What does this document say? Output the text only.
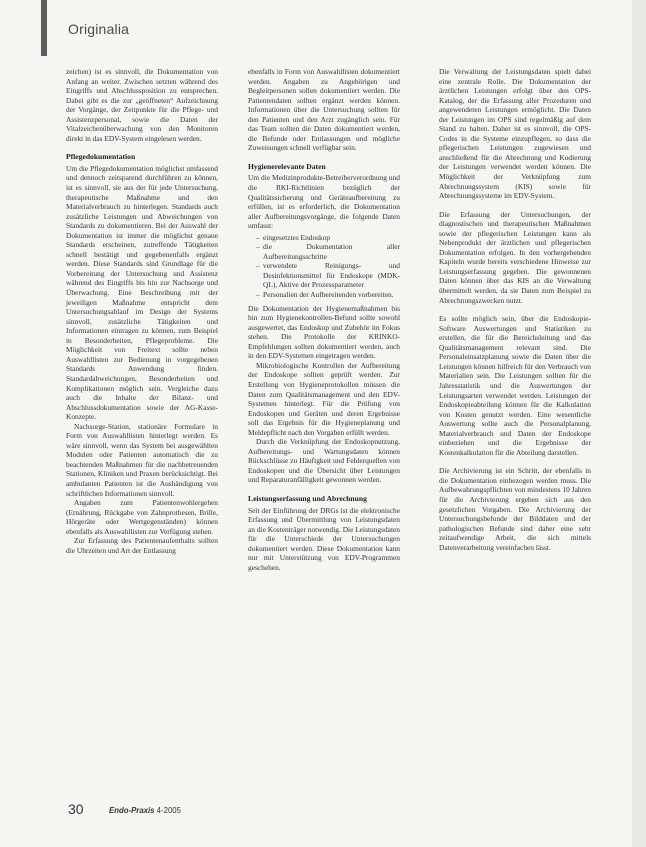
Originalia

zeichen) ist es sinnvoll, die Dokumentation von Anfang an weiter. Zwischen setzten während des Eingriffs und Abschlussposition zu entsprechen. Dabei gibt es die zur „geöffneten“ Aufzeichnung der Vorgänge, der Zeitpunkte für die Pflege- und Assistenzpersonal, sowie die Daten der Vitalzeichenüberwachung von den Monitoren direkt in das EDV-System eingelesen werden.

Pflegedokumentation

Um die Pflegedokumentation möglichst umfassend und dennoch zeitsparend durchführen zu können, ist es sinnvoll, sie aus der für jede Untersuchung, therapeutische Maßnahme und den Materialverbrauch zu hinterlegen. Standards auch zusätzliche Leistungen und Abweichungen von Standards zu dokumentieren. Bei der Auswahl der Dokumentation ist immer die möglichst genaue Standards erscheinen, zutreffende Tätigkeiten schnell bestätigt und gegebenenfalls ergänzt werden. Diese Standards sind Grundlage für die Vorbereitung der Untersuchung und Assistenz während des Eingriffs bis hin zur Nachsorge und Überwachung. Eine Beschreibung mit der jeweiligen Maßnahme entspricht dem Untersuchungsablauf im Design der Systems sinnvoll, zusätzliche Tätigkeiten und Informationen eintragen zu können, zum Beispiel in Besonderheiten, Pflegeprobleme. Die Möglichkeit von Freitext sollte neben Auswahllisten zur Bedienung in vorgegebenen Standards Anwendung finden. Standardabweichungen, Besonderheiten und Komplikationen möglich sein. Vergleiche dazu auch die Inhalte der Bilanz- und Abschlussdokumentation sowie der AG-Kasse-Konzepte.

Nachsorge-Station, stationäre Formulare in Form von Auswahllisten hinterlegt werden. Es wäre sinnvoll, wenn das System bei ausgewählten Modulen oder Patienten automatisch die zu beachtenden Maßnahmen für die nachbetreuenden Stationen, Kliniken und Praxen berücksichtigt. Bei ambulanten Patienten ist die Aushändigung von schriftlichen Informationen sinnvoll.

Angaben zum Patientenwohlergehen (Ernährung, Rückgabe von Zahnprothesen, Brille, Hörgeräte oder Wertgegenständen) können ebenfalls als Auswahllisten zur Verfügung stehen.

Zur Erfassung des Patientenaufenthalts sollten die Uhrzeiten und Art der Entlassung

ebenfalls in Form von Auswahllisten dokumentiert werden. Angaben zu Angehörigen und Begleitpersonen sollen dokumentiert werden. Die Patientendaten sollten ergänzt werden können. Informationen über die Untersuchung sollten für den Patienten und den Arzt zugänglich sein. Für das Team sollten die Daten dokumentiert werden, die Befunde oder Entlassungen und mögliche Zuweisungen schnell verfügbar sein.

Hygienerelevante Daten

Um die Medizinprodukte-Betreiberverordnung und die RKI-Richtlinien bezüglich der Qualitätssicherung und Geräteaufbereitung zu erfüllen, ist es erforderlich, die Dokumentation aller Aufbereitungsvorgänge, die folgende Daten umfasst:

– eingesetztes Endoskop
– die Dokumentation aller Aufbereitungsschritte
– verwendete Reinigungs- und Desinfektionsmittel für Endoskope (MDK-QL), Aktive der Prozessparameter
– Personalien der Aufbereitenden vorbereiten.

Die Dokumentation der Hygienemaßnahmen bis hin zum Hygienekontrollen-Befund sollte sowohl ausgewertet, das Endoskop und Zubehör im Fokus stehen. Die Protokolle der KRINKO-Empfehlungen sollten dokumentiert werden, auch in den EDV-Systemen eingetragen werden.

Mikrobiologische Kontrollen der Aufbereitung der Endoskope sollten geprüft werden. Zur Erstellung von Hygieneprotokollen müssen die Daten zum Qualitätsmanagement und den EDV-Systemen hinterlegt. Für die Prüfung von Endoskopen und Geräten und deren Ergebnisse soll das Ergebnis für die Hygieneplanung und Meldepflicht nach den Vorgaben erfüllt werden.

Durch die Verknüpfung der Endoskopnutzung, Aufbereitungs- und Wartungsdaten können Rückschlüsse zu Häufigkeit und Fehlerquellen von Endoskopen und die Übersicht über Leistungen und Reparaturanfälligkeit gewonnen werden.

Leistungserfassung und Abrechnung

Seit der Einführung der DRGs ist die elektronische Erfassung und Übermittlung von Leistungsdaten an die Kostenträger notwendig. Die Leistungsdaten für die Unterschiede der Untersuchungen dokumentiert werden. Diese Dokumentation kann nur mit Unterstützung von EDV-Programmen geschehen.

Die Verwaltung der Leistungsdaten spielt dabei eine zentrale Rolle. Die Dokumentation der ärztlichen Leistungen erfolgt über den OPS-Katalog, der die Erfassung aller Prozeduren und angewendeten Leistungen ermöglicht. Die Daten der Leistungen im OPS sind regelmäßig auf dem Stand zu halten. Daher ist es sinnvoll, die OPS-Codes in die Systeme einzupflegen, so dass die pflegerischen Leistungen zugewiesen und anschließend für die Abrechnung und Kodierung der Leistungen verwendet werden können. Die Möglichkeit der Verknüpfung zum Abrechnungssystem (KIS) sowie für Abrechnungssysteme im EDV-System.

Die Erfassung der Untersuchungen, der diagnostischen und therapeutischen Maßnahmen sowie der pflegerischen Leistungen kann als Nebenprodukt der ärztlichen und pflegerischen Dokumentation erfolgen. In den vorhergehenden Kapiteln wurde bereits verschiedene Hinweise zur Leistungserfassung gegeben. Die gewonnenen Daten können über das KIS an die Verwaltung übermittelt werden, da sie Daten zum Beispiel zu Abrechnungszwecken nutzt.

Es sollte möglich sein, über die Endoskopie-Software Auswertungen und Statistiken zu erstellen, die für die Bereichsleitung und das Qualitätsmanagement relevant sind. Die Personaleinsatzplanung sowie die Daten über die Leistungen können hilfreich für den Verbrauch von Materialien sein. Die Leistungen sollten für die Jahresstatistik und die Auswertungen der Leistungsarten verwendet werden. Leistungen der Endoskopieabteilung können für die Kalkulation von Kosten genutzt werden. Eine wesentliche Auswertung sollte auch die Personalplanung, Materialverbrauch und Daten der Endoskope einbeziehen und die Ergebnisse der Kostenkalkulation für die Abteilung darstellen.

Die Archivierung ist ein Schritt, der ebenfalls in die Dokumentation einbezogen werden muss. Die Aufbewahrungspflichten von mindestens 10 Jahren für die Archivierung ergeben sich aus den gesetzlichen Vorgaben. Die Archivierung der Untersuchungsbefunde der Bilddaten und der pathologischen Befunde sind daher eine sehr zeitaufwendige Arbeit, die sich mittels Datenverarbeitung vereinfachen lässt.

30	Endo-Praxis 4-2005
